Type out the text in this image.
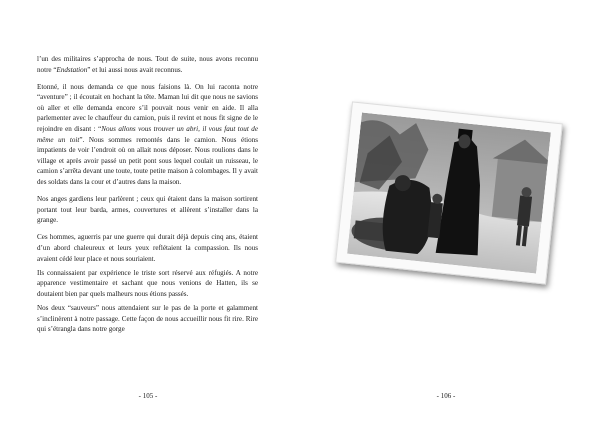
l’un des militaires s’approcha de nous. Tout de suite, nous avons reconnu notre “Endstation” et lui aussi nous avait reconnus.

Etonné, il nous demanda ce que nous faisions là. On lui raconta notre “aventure” ; il écoutait en hochant la tête. Maman lui dit que nous ne savions où aller et elle demanda encore s’il pouvait nous venir en aide. Il alla parlementer avec le chauffeur du camion, puis il revint et nous fit signe de le rejoindre en disant : “Nous allons vous trouver un abri, il vous faut tout de même un toit”. Nous sommes remontés dans le camion. Nous étions impatients de voir l’endroit où on allait nous déposer. Nous roulions dans le village et après avoir passé un petit pont sous lequel coulait un ruisseau, le camion s’arrêta devant une toute, toute petite maison à colombages. Il y avait des soldats dans la cour et d’autres dans la maison.

Nos anges gardiens leur parlèrent ; ceux qui étaient dans la maison sortirent portant tout leur barda, armes, couvertures et allèrent s’installer dans la grange.

Ces hommes, aguerris par une guerre qui durait déjà depuis cinq ans, étaient d’un abord chaleureux et leurs yeux reflétaient la compassion. Ils nous avaient cédé leur place et nous souriaient.

Ils connaissaient par expérience le triste sort réservé aux réfugiés. A notre apparence vestimentaire et sachant que nous venions de Hatten, ils se doutaient bien par quels malheurs nous étions passés.

Nos deux “sauveurs” nous attendaient sur le pas de la porte et galamment s’inclinèrent à notre passage. Cette façon de nous accueillir nous fit rire. Rire qui s’étrangla dans notre gorge

- 105 -	- 106 -
